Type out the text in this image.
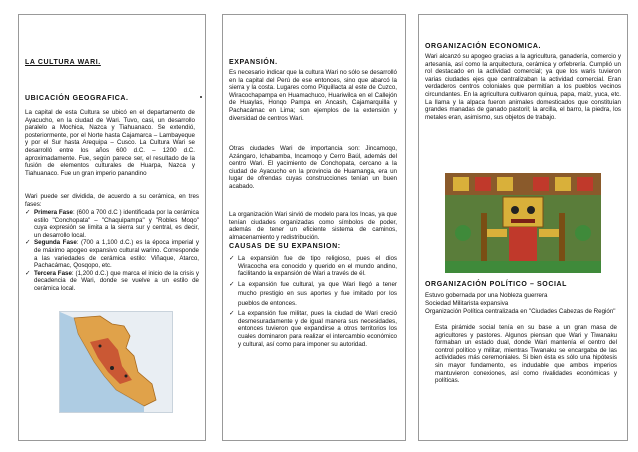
LA CULTURA WARI.
UBICACIÓN GEOGRAFICA.
La capital de esta Cultura se ubicó en el departamento de Ayacucho, en la ciudad de Wari. Tuvo, casi, un desarrollo paralelo a Mochica, Nazca y Tiahuanaco. Se extendió, posteriormente, por el Norte hasta Cajamarca – Lambayeque y por el Sur hasta Arequipa – Cusco. La Cultura Wari se desarrolló entre los años 600 d.C. – 1200 d.C. aproximadamente. Fue, según parece ser, el resultado de la fusión de elementos culturales de Huarpa, Nazca y Tiahuanaco. Fue un gran imperio panandino
Wari puede ser dividida, de acuerdo a su cerámica, en tres fases:
✓ Primera Fase: (600 a 700 d.C ) identificada por la cerámica estilo "Conchopata" – "Chaquipampa" y "Robles Moqo" cuya expresión se limita a la sierra sur y central, es decir, un desarrollo local.
✓ Segunda Fase: (700 a 1,100 d.C.) es la época imperial y de máximo apogeo expansivo cultural warino. Corresponde a las variedades de cerámica estilo: Viñaque, Atarco, Pachacámac, Qosqopo, etc.
✓ Tercera Fase: (1,200 d.C.) que marca el inicio de la crisis y decadencia de Wari, donde se vuelve a un estilo de cerámica local.
EXPANSIÓN.
Es necesario indicar que la cultura Wari no sólo se desarrolló en la capital del Perú de ese entonces, sino que abarcó la sierra y la costa. Lugares como Piquillacta al este de Cuzco, Wiracochapampa en Huamachuco, Huariwilca en el Callejón de Huaylas, Honqo Pampa en Ancash, Cajamarquilla y Pachacámac en Lima; son ejemplos de la extensión y diversidad de centros Wari.
Otras ciudades Wari de importancia son: Jincamoqo, Azángaro, Ichabamba, Incamoqo y Cerro Baúl, además del centro Wari. El yacimiento de Conchopata, cercano a la ciudad de Ayacucho en la provincia de Huamanga, era un lugar de ofrendas cuyas construcciones tenían un buen acabado.
La organización Wari sirvió de modelo para los Incas, ya que tenían ciudades organizadas como símbolos de poder, además de tener un eficiente sistema de caminos, almacenamiento y redistribución.
CAUSAS DE SU EXPANSION:
✓ La expansión fue de tipo religioso, pues el dios Wiracocha era conocido y querido en el mundo andino, facilitando la expansión de Wari a través de él.
✓ La expansión fue cultural, ya que Wari llegó a tener mucho prestigio en sus aportes y fue imitado por los pueblos de entonces.
✓ La expansión fue militar, pues la ciudad de Wari creció desmesuradamente y de igual manera sus necesidades, entonces tuvieron que expandirse a otros territorios los cuales dominaron para realizar el intercambio económico y cultural, así como para imponer su autoridad.
ORGANIZACIÓN ECONOMICA.
Wari alcanzó su apogeo gracias a la agricultura, ganadería, comercio y artesanía, así como la arquitectura, cerámica y orfebrería. Cumplió un rol destacado en la actividad comercial; ya que los waris tuvieron varias ciudades ejes que centralizaban la actividad comercial. Eran verdaderos centros coloniales que permitían a los pueblos vecinos circundantes. En la agricultura cultivaron quinua, papa, maíz, yuca, etc. La llama y la alpaca fueron animales domesticados que constituían grandes manadas de ganado pastoril; la arcilla, el barro, la piedra, los metales eran, asimismo, sus objetos de trabajo.
ORGANIZACIÓN POLÍTICO – SOCIAL
Estuvo gobernada por una Nobleza guerrera
Sociedad Militarista expansiva
Organización Política centralizada en "Ciudades Cabezas de Región"
Esta pirámide social tenía en su base a un gran masa de agricultores y pastores. Algunos piensan que Wari y Tiwanaku formaban un estado dual, donde Wari mantenía el centro del control político y militar, mientras Tiwanaku se encargaba de las actividades más ceremoniales. Si bien ésta es sólo una hipótesis sin mayor fundamento, es indudable que ambos imperios mantuvieron conexiones, así como rivalidades económicas y políticas.
